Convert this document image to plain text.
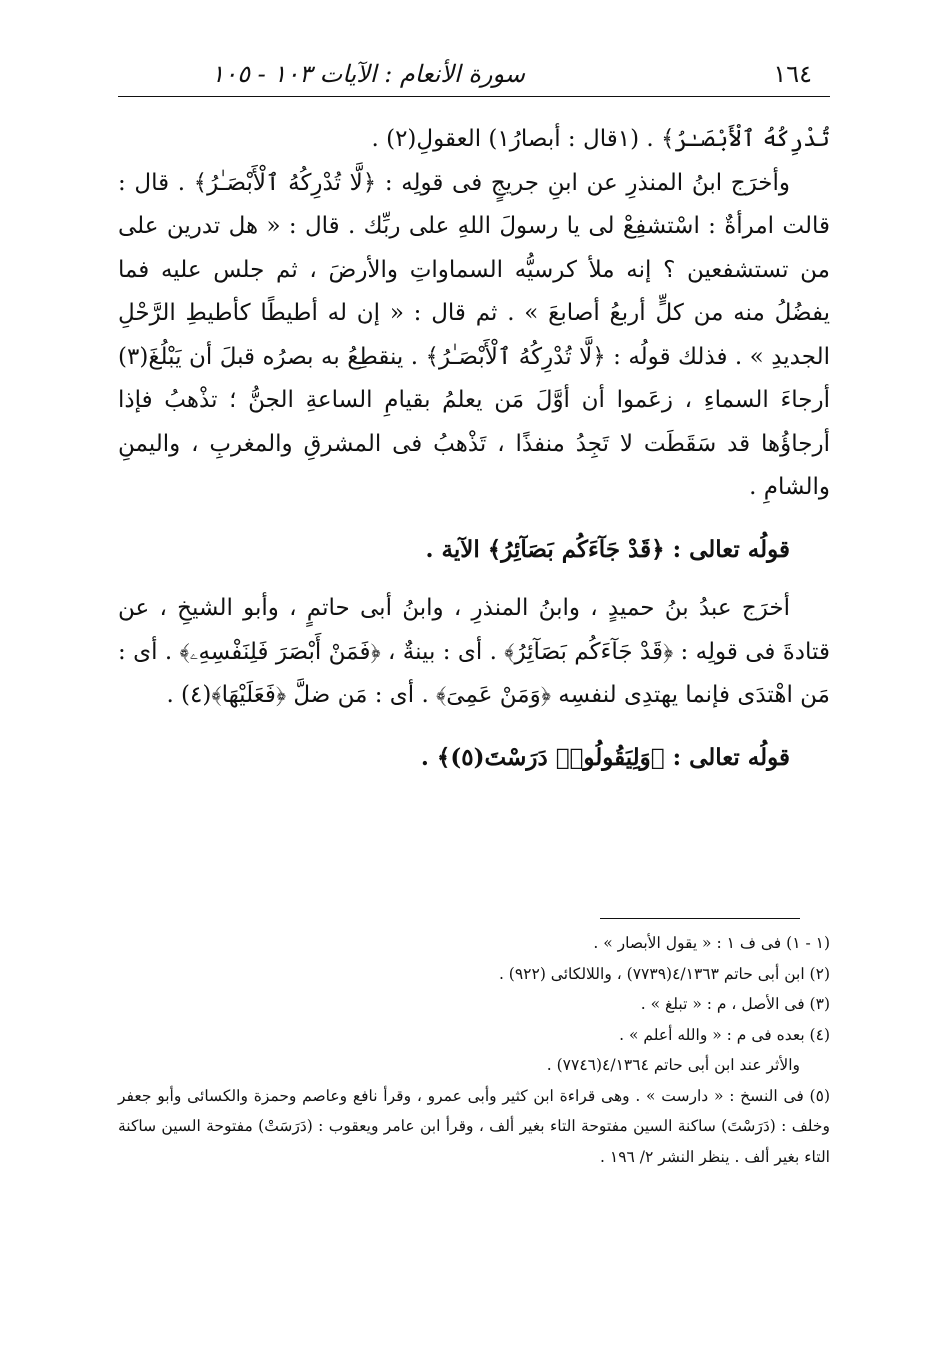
١٦٤
سورة الأنعام : الآيات ١٠٣ - ١٠٥

تُدْرِكُهُ ٱلْأَبْصَـٰرُ﴾ . (١قال : أبصارُ١) العقولِ(٢) .

وأخرَج ابنُ المنذرِ عن ابنِ جريجٍ فى قولِه : ﴿لَّا تُدْرِكُهُ ٱلْأَبْصَـٰرُ﴾ . قال : قالت امرأةٌ : اسْتشفِعْ لى يا رسولَ اللهِ على ربِّك . قال : « هل تدرين على من تستشفعين ؟ إنه ملأ كرسيُّه السماواتِ والأرضَ ، ثم جلس عليه فما يفضُلُ منه من كلٍّ أربعُ أصابعَ » . ثم قال : « إن له أطيطًا كأطيطِ الرَّحْلِ الجديدِ » . فذلك قولُه : ﴿لَّا تُدْرِكُهُ ٱلْأَبْصَـٰرُ﴾ . ينقطِعُ به بصرُه قبلَ أن يَبْلُغَ(٣) أرجاءَ السماءِ ، زعَموا أن أوَّلَ مَن يعلمُ بقيامِ الساعةِ الجنُّ ؛ تذْهبُ فإذا أرجاؤُها قد سَقَطَت لا تَجِدُ منفذًا ، تَذْهبُ فى المشرقِ والمغربِ ، واليمنِ والشامِ .

قولُه تعالى : ﴿قَدْ جَآءَكُم بَصَآئِرُ﴾ الآية .

أخرَج عبدُ بنُ حميدٍ ، وابنُ المنذرِ ، وابنُ أبى حاتمٍ ، وأبو الشيخِ ، عن قتادةَ فى قولِه : ﴿قَدْ جَآءَكُم بَصَآئِرُ﴾ . أى : بينةٌ ، ﴿فَمَنْ أَبْصَرَ فَلِنَفْسِهِۦ﴾ . أى : مَن اهْتدَى فإنما يهتدِى لنفسِه ﴿وَمَنْ عَمِىَ﴾ . أى : مَن ضلَّ ﴿فَعَلَيْهَا﴾(٤) .

قولُه تعالى : ﴿وَلِيَقُولُوا۟ دَرَسْتَ(٥)﴾ .

(١ - ١) فى ف ١ : « يقول الأبصار » .

(٢) ابن أبى حاتم ٤/١٣٦٣(٧٧٣٩) ، واللالكائى (٩٢٢) .

(٣) فى الأصل ، م : « تبلغ » .

(٤) بعده فى م : « والله أعلم » .

والأثر عند ابن أبى حاتم ٤/١٣٦٤(٧٧٤٦) .

(٥) فى النسخ : « دارست » . وهى قراءة ابن كثير وأبى عمرو ، وقرأ نافع وعاصم وحمزة والكسائى وأبو جعفر وخلف : (دَرَسْتَ) ساكنة السين مفتوحة التاء بغير ألف ، وقرأ ابن عامر ويعقوب : (دَرَسَتْ) مفتوحة السين ساكنة التاء بغير ألف . ينظر النشر ٢/ ١٩٦ .
